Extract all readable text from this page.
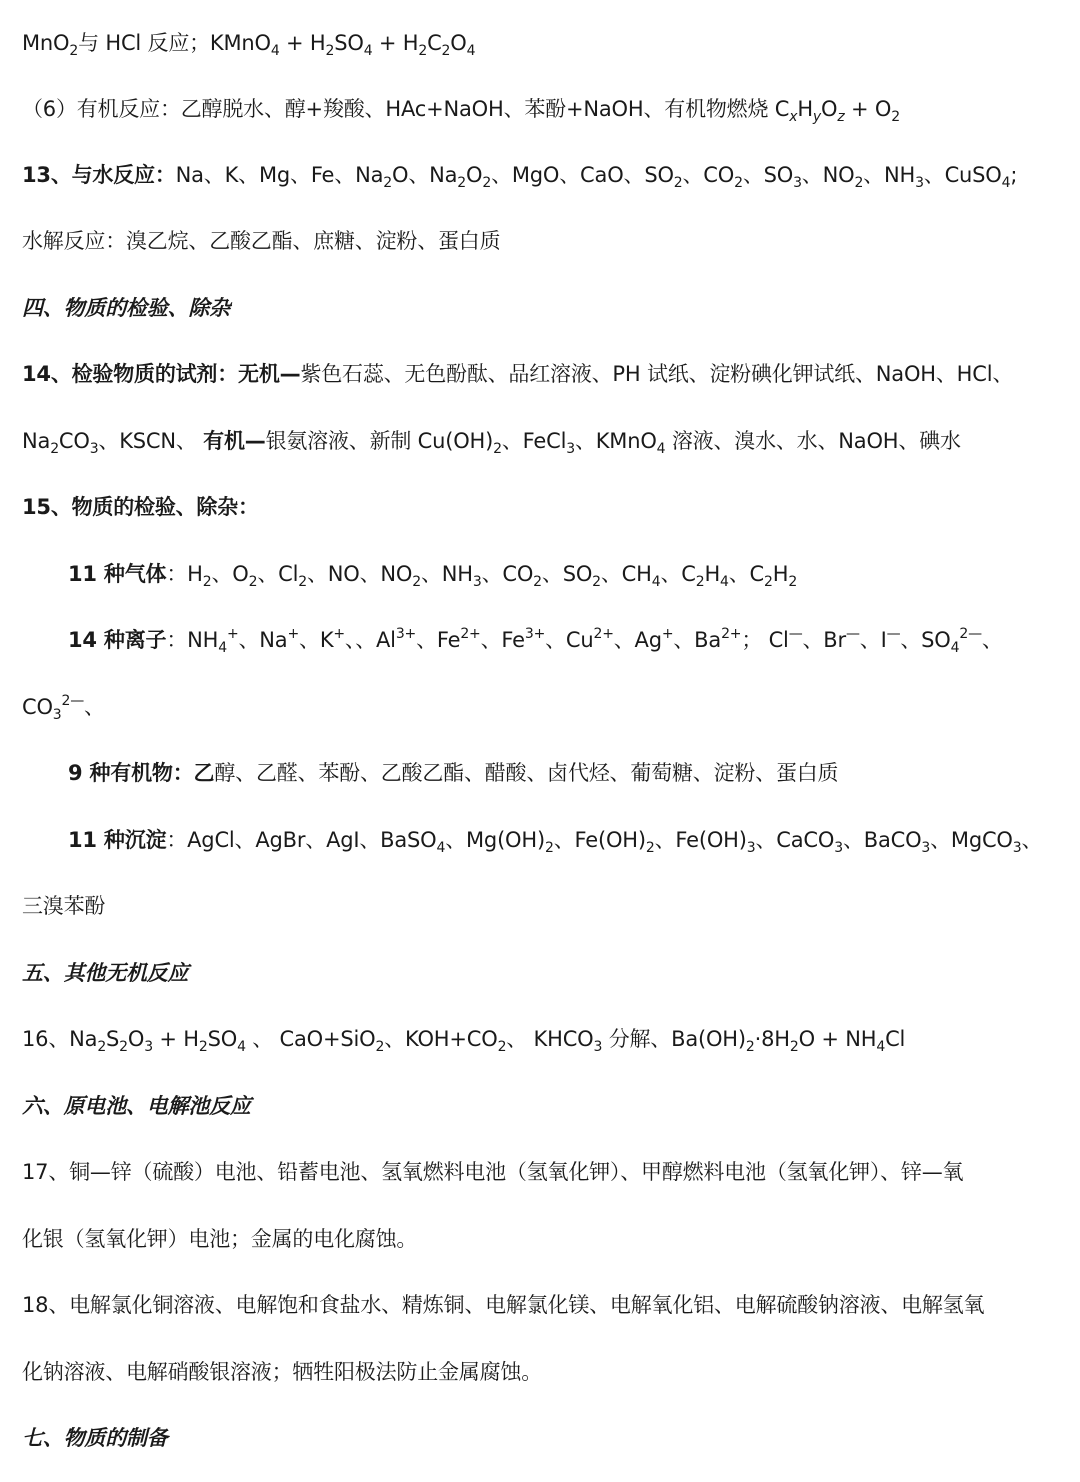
MnO$_2$与 HCl 反应；KMnO$_4$ + $H_2SO_4 + H_2C_2O_4$
（6）有机反应：乙醇脱水、醇+羧酸、HAc+NaOH、苯酚+NaOH、有机物燃烧 $C_xH_yO_z + O_2$
13、与水反应：Na、K、Mg、Fe、$Na_2O$、$Na_2O_2$、MgO、CaO、$SO_2$、$CO_2$、$SO_3$、$NO_2$、$NH_3$、CuSO$_4$;
水解反应：溴乙烷、乙酸乙酯、庶糖、淀粉、蛋白质
四、物质的检验、除杂
14、检验物质的试剂：无机—紫色石蕊、无色酚酞、品红溶液、PH 试纸、淀粉碘化钾试纸、NaOH、HCl、
$Na_2CO_3$、KSCN、 有机—银氨溶液、新制 $Cu(OH)_2$、FeCl$_3$、KMnO$_4$ 溶液、溴水、水、NaOH、碘水
15、物质的检验、除杂：
11 种气体：$H_2$、$O_2$、$Cl_2$、NO、$NO_2$、$NH_3$、$CO_2$、$SO_2$、$CH_4$、$C_2H_4$、$C_2H_2$
14 种离子：$NH_4^+$、Na+、K+、、$Al^{3+}$、$Fe^{2+}$、$Fe^{3+}$、$Cu^{2+}$、Ag+、$Ba^{2+}$； Cl—、Br—、I—、$SO_4^{2—}$、
$CO_3^{2—}$、
9 种有机物：乙醇、乙醛、苯酚、乙酸乙酯、醋酸、卤代烃、葡萄糖、淀粉、蛋白质
11 种沉淀：AgCl、AgBr、AgI、BaSO$_4$、$Mg(OH)_2$、$Fe(OH)_2$、$Fe(OH)_3$、CaCO$_3$、BaCO$_3$、MgCO$_3$、
三溴苯酚
五、其他无机反应
16、$Na_2S_2O_3 + H_2SO_4$ 、 CaO+SiO$_2$、$KOH+CO_2$、 $KHCO_3$ 分解、$Ba(OH)_2\cdot 8H_2O + NH_4Cl$
六、原电池、电解池反应
17、铜—锌（硫酸）电池、铅蓄电池、氢氧燃料电池（氢氧化钾）、甲醇燃料电池（氢氧化钾）、锌—氧
化银（氢氧化钾）电池；金属的电化腐蚀。
18、电解氯化铜溶液、电解饱和食盐水、精炼铜、电解氯化镁、电解氧化铝、电解硫酸钠溶液、电解氢氧
化钠溶液、电解硝酸银溶液；牺牲阳极法防止金属腐蚀。
七、物质的制备
